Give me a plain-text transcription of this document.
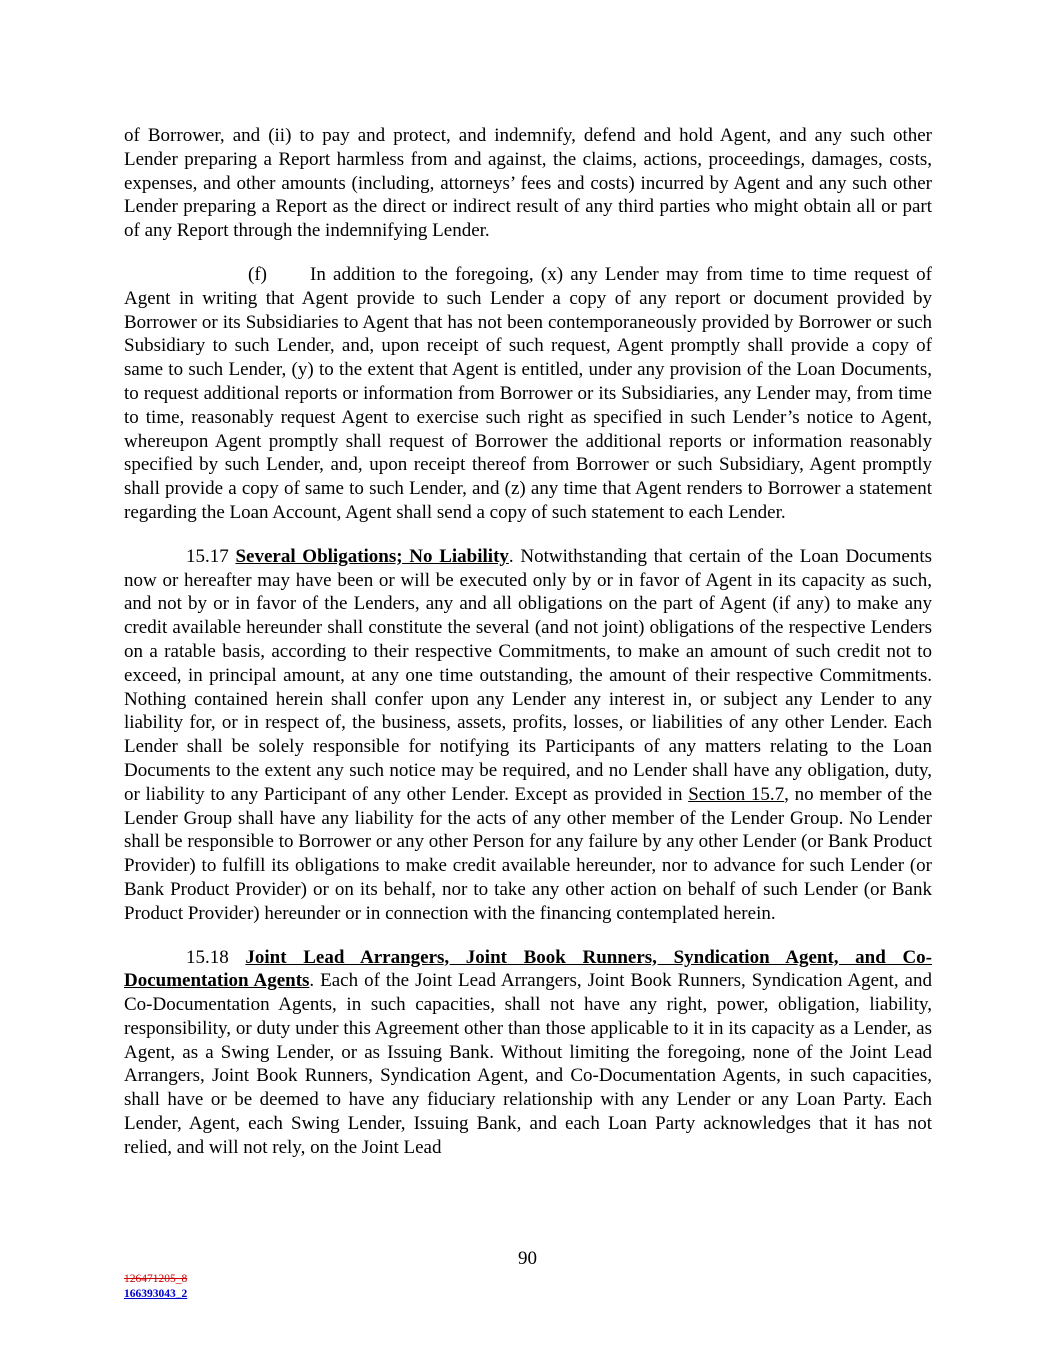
of Borrower, and (ii) to pay and protect, and indemnify, defend and hold Agent, and any such other Lender preparing a Report harmless from and against, the claims, actions, proceedings, damages, costs, expenses, and other amounts (including, attorneys’ fees and costs) incurred by Agent and any such other Lender preparing a Report as the direct or indirect result of any third parties who might obtain all or part of any Report through the indemnifying Lender.

(f) In addition to the foregoing, (x) any Lender may from time to time request of Agent in writing that Agent provide to such Lender a copy of any report or document provided by Borrower or its Subsidiaries to Agent that has not been contemporaneously provided by Borrower or such Subsidiary to such Lender, and, upon receipt of such request, Agent promptly shall provide a copy of same to such Lender, (y) to the extent that Agent is entitled, under any provision of the Loan Documents, to request additional reports or information from Borrower or its Subsidiaries, any Lender may, from time to time, reasonably request Agent to exercise such right as specified in such Lender’s notice to Agent, whereupon Agent promptly shall request of Borrower the additional reports or information reasonably specified by such Lender, and, upon receipt thereof from Borrower or such Subsidiary, Agent promptly shall provide a copy of same to such Lender, and (z) any time that Agent renders to Borrower a statement regarding the Loan Account, Agent shall send a copy of such statement to each Lender.

15.17 Several Obligations; No Liability. Notwithstanding that certain of the Loan Documents now or hereafter may have been or will be executed only by or in favor of Agent in its capacity as such, and not by or in favor of the Lenders, any and all obligations on the part of Agent (if any) to make any credit available hereunder shall constitute the several (and not joint) obligations of the respective Lenders on a ratable basis, according to their respective Commitments, to make an amount of such credit not to exceed, in principal amount, at any one time outstanding, the amount of their respective Commitments. Nothing contained herein shall confer upon any Lender any interest in, or subject any Lender to any liability for, or in respect of, the business, assets, profits, losses, or liabilities of any other Lender. Each Lender shall be solely responsible for notifying its Participants of any matters relating to the Loan Documents to the extent any such notice may be required, and no Lender shall have any obligation, duty, or liability to any Participant of any other Lender. Except as provided in Section 15.7, no member of the Lender Group shall have any liability for the acts of any other member of the Lender Group. No Lender shall be responsible to Borrower or any other Person for any failure by any other Lender (or Bank Product Provider) to fulfill its obligations to make credit available hereunder, nor to advance for such Lender (or Bank Product Provider) or on its behalf, nor to take any other action on behalf of such Lender (or Bank Product Provider) hereunder or in connection with the financing contemplated herein.

15.18 Joint Lead Arrangers, Joint Book Runners, Syndication Agent, and Co-Documentation Agents. Each of the Joint Lead Arrangers, Joint Book Runners, Syndication Agent, and Co-Documentation Agents, in such capacities, shall not have any right, power, obligation, liability, responsibility, or duty under this Agreement other than those applicable to it in its capacity as a Lender, as Agent, as a Swing Lender, or as Issuing Bank. Without limiting the foregoing, none of the Joint Lead Arrangers, Joint Book Runners, Syndication Agent, and Co-Documentation Agents, in such capacities, shall have or be deemed to have any fiduciary relationship with any Lender or any Loan Party. Each Lender, Agent, each Swing Lender, Issuing Bank, and each Loan Party acknowledges that it has not relied, and will not rely, on the Joint Lead

90
126471205_8
166393043_2
